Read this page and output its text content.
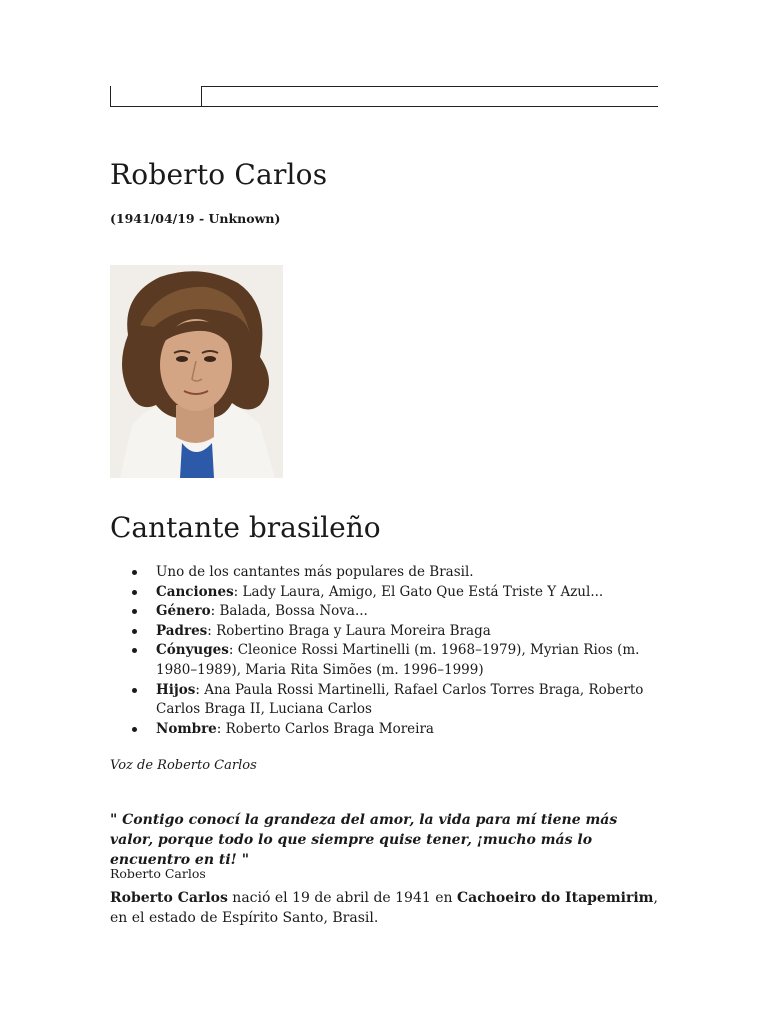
Roberto Carlos

(1941/04/19 - Unknown)

Cantante brasileño
Uno de los cantantes más populares de Brasil.
Canciones: Lady Laura, Amigo, El Gato Que Está Triste Y Azul...
Género: Balada, Bossa Nova...
Padres: Robertino Braga y Laura Moreira Braga
Cónyuges: Cleonice Rossi Martinelli (m. 1968–1979), Myrian Rios (m. 1980–1989), Maria Rita Simões (m. 1996–1999)
Hijos: Ana Paula Rossi Martinelli, Rafael Carlos Torres Braga, Roberto Carlos Braga II, Luciana Carlos
Nombre: Roberto Carlos Braga Moreira

Voz de Roberto Carlos

" Contigo conocí la grandeza del amor, la vida para mí tiene más valor, porque todo lo que siempre quise tener, ¡mucho más lo encuentro en ti! "

Roberto Carlos

Roberto Carlos nació el 19 de abril de 1941 en Cachoeiro do Itapemirim, en el estado de Espírito Santo, Brasil.
